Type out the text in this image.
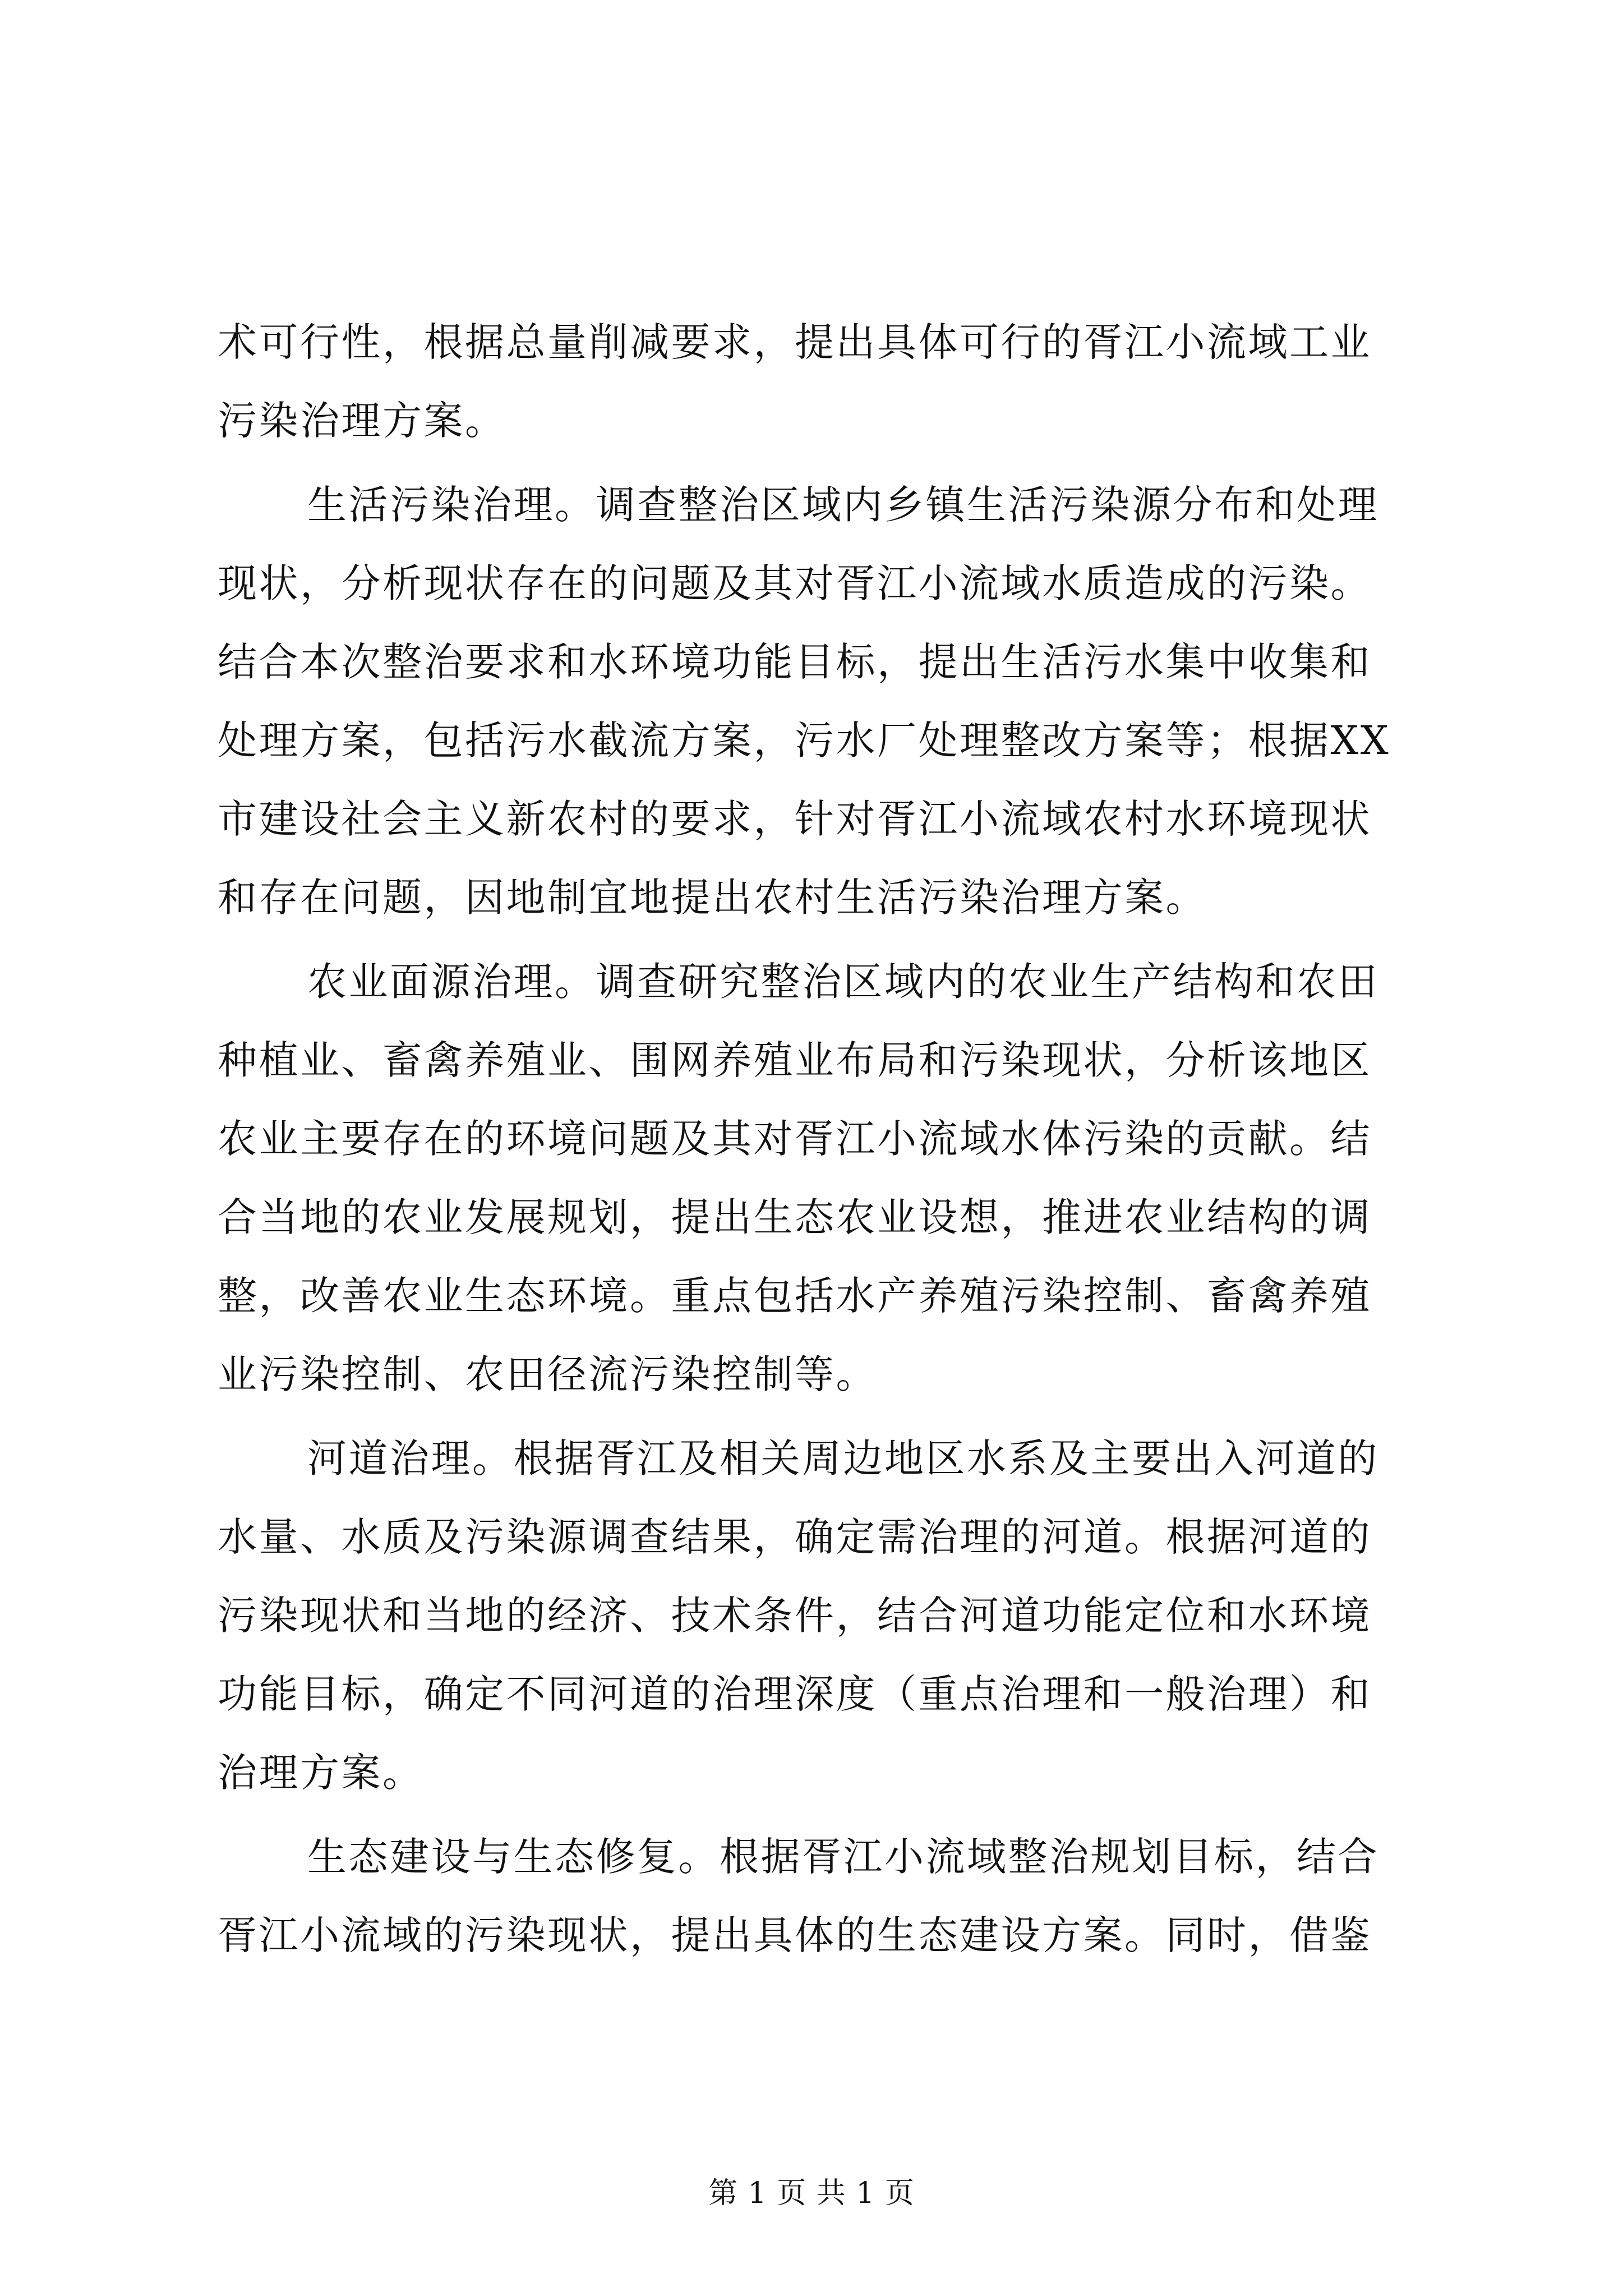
术可行性，根据总量削减要求，提出具体可行的胥江小流域工业
污染治理方案。
生活污染治理。调查整治区域内乡镇生活污染源分布和处理
现状，分析现状存在的问题及其对胥江小流域水质造成的污染。
结合本次整治要求和水环境功能目标，提出生活污水集中收集和
处理方案，包括污水截流方案，污水厂处理整改方案等；根据XX
市建设社会主义新农村的要求，针对胥江小流域农村水环境现状
和存在问题，因地制宜地提出农村生活污染治理方案。
农业面源治理。调查研究整治区域内的农业生产结构和农田
种植业、畜禽养殖业、围网养殖业布局和污染现状，分析该地区
农业主要存在的环境问题及其对胥江小流域水体污染的贡献。结
合当地的农业发展规划，提出生态农业设想，推进农业结构的调
整，改善农业生态环境。重点包括水产养殖污染控制、畜禽养殖
业污染控制、农田径流污染控制等。
河道治理。根据胥江及相关周边地区水系及主要出入河道的
水量、水质及污染源调查结果，确定需治理的河道。根据河道的
污染现状和当地的经济、技术条件，结合河道功能定位和水环境
功能目标，确定不同河道的治理深度（重点治理和一般治理）和
治理方案。
生态建设与生态修复。根据胥江小流域整治规划目标，结合
胥江小流域的污染现状，提出具体的生态建设方案。同时，借鉴
第 1 页 共 1 页
